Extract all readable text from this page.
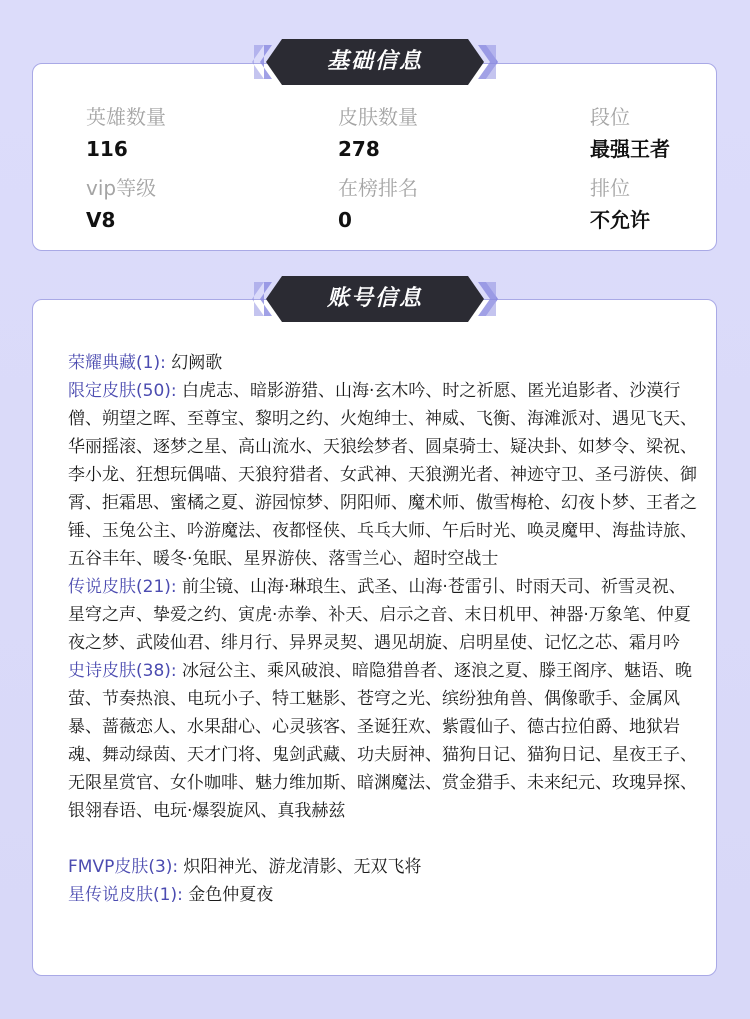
英雄数量
116
皮肤数量
278
段位
最强王者
vip等级
V8
在榜排名
0
排位
不允许
基础信息

荣耀典藏(1): 幻阙歌

限定皮肤(50): 白虎志、暗影游猎、山海·玄木吟、时之祈愿、匿光追影者、沙漠行僧、朔望之晖、至尊宝、黎明之约、火炮绅士、神威、飞衡、海滩派对、遇见飞天、华丽摇滚、逐梦之星、高山流水、天狼绘梦者、圆桌骑士、疑决卦、如梦令、梁祝、李小龙、狂想玩偶喵、天狼狩猎者、女武神、天狼溯光者、神迹守卫、圣弓游侠、御霄、拒霜思、蜜橘之夏、游园惊梦、阴阳师、魔术师、傲雪梅枪、幻夜卜梦、王者之锤、玉兔公主、吟游魔法、夜都怪侠、乓乓大师、午后时光、唤灵魔甲、海盐诗旅、五谷丰年、暖冬·兔眠、星界游侠、落雪兰心、超时空战士

传说皮肤(21): 前尘镜、山海·琳琅生、武圣、山海·苍雷引、时雨天司、祈雪灵祝、星穹之声、挚爱之约、寅虎·赤拳、补天、启示之音、末日机甲、神器·万象笔、仲夏夜之梦、武陵仙君、绯月行、异界灵契、遇见胡旋、启明星使、记忆之芯、霜月吟

史诗皮肤(38): 冰冠公主、乘风破浪、暗隐猎兽者、逐浪之夏、滕王阁序、魅语、晚萤、节奏热浪、电玩小子、特工魅影、苍穹之光、缤纷独角兽、偶像歌手、金属风暴、蔷薇恋人、水果甜心、心灵骇客、圣诞狂欢、紫霞仙子、德古拉伯爵、地狱岩魂、舞动绿茵、天才门将、鬼剑武藏、功夫厨神、猫狗日记、猫狗日记、星夜王子、无限星赏官、女仆咖啡、魅力维加斯、暗渊魔法、赏金猎手、未来纪元、玫瑰异探、银翎春语、电玩·爆裂旋风、真我赫兹

FMVP皮肤(3): 炽阳神光、游龙清影、无双飞将

星传说皮肤(1): 金色仲夏夜

账号信息
